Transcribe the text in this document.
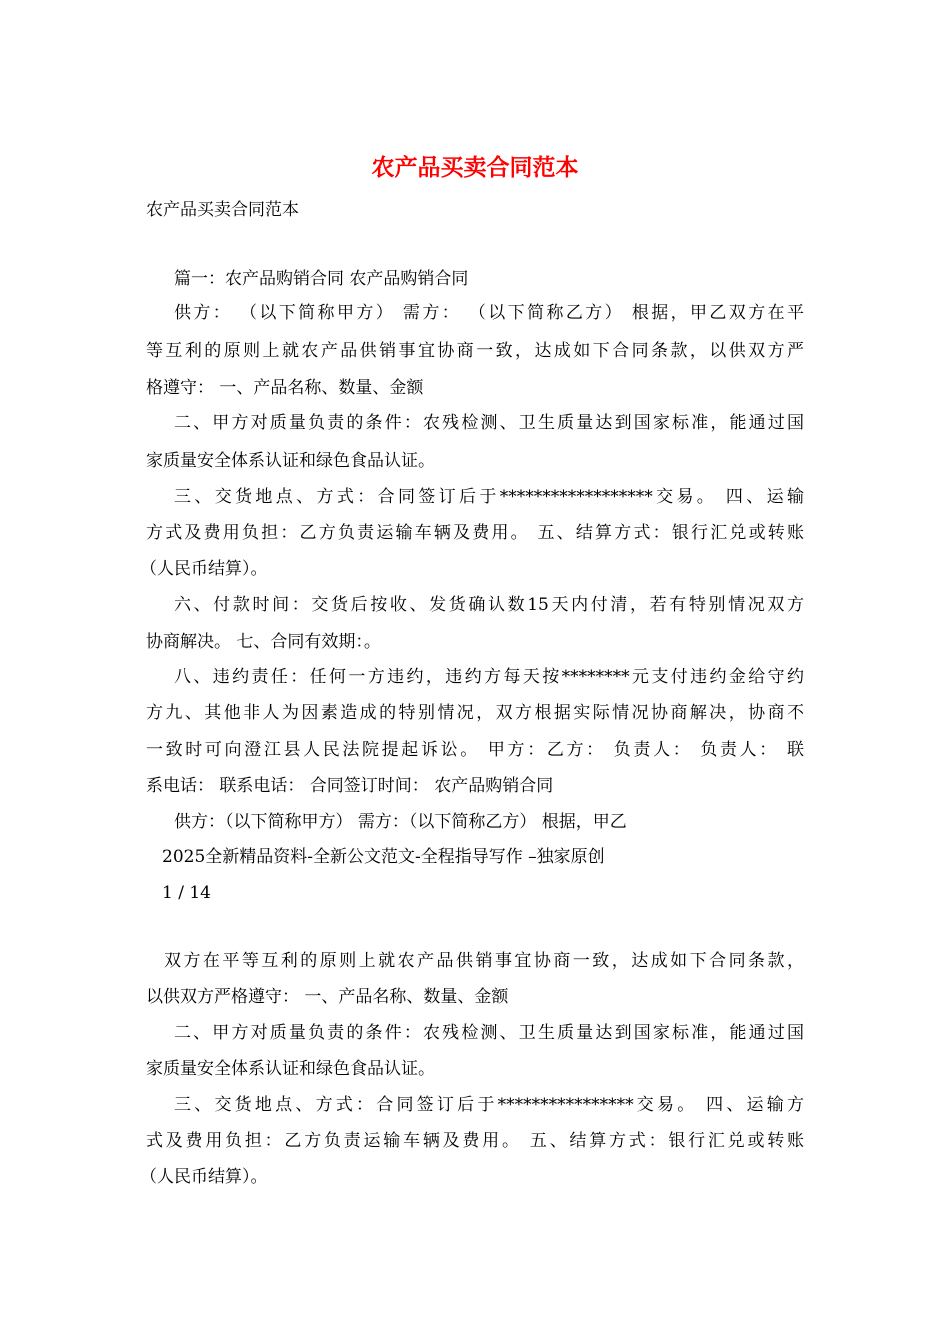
农产品买卖合同范本
农产品买卖合同范本
篇一：农产品购销合同 农产品购销合同
供方： （以下简称甲方） 需方： （以下简称乙方） 根据，甲乙双方在平
等互利的原则上就农产品供销事宜协商一致，达成如下合同条款，以供双方严
格遵守： 一、产品名称、数量、金额
二、甲方对质量负责的条件：农残检测、卫生质量达到国家标准，能通过国
家质量安全体系认证和绿色食品认证。
三、交货地点、方式：合同签订后于******************交易。 四、运输
方式及费用负担：乙方负责运输车辆及费用。 五、结算方式：银行汇兑或转账
（人民币结算）。
六、付款时间：交货后按收、发货确认数15天内付清，若有特别情况双方
协商解决。 七、合同有效期：。
八、违约责任：任何一方违约，违约方每天按********元支付违约金给守约
方九、其他非人为因素造成的特别情况，双方根据实际情况协商解决，协商不
一致时可向澄江县人民法院提起诉讼。 甲方：乙方： 负责人： 负责人： 联
系电话： 联系电话： 合同签订时间： 农产品购销合同
供方：（以下简称甲方） 需方：（以下简称乙方） 根据，甲乙
2025全新精品资料-全新公文范文-全程指导写作 –独家原创
1 / 14
双方在平等互利的原则上就农产品供销事宜协商一致，达成如下合同条款，
以供双方严格遵守： 一、产品名称、数量、金额
二、甲方对质量负责的条件：农残检测、卫生质量达到国家标准，能通过国
家质量安全体系认证和绿色食品认证。
三、交货地点、方式：合同签订后于****************交易。 四、运输方
式及费用负担：乙方负责运输车辆及费用。 五、结算方式：银行汇兑或转账
（人民币结算）。
